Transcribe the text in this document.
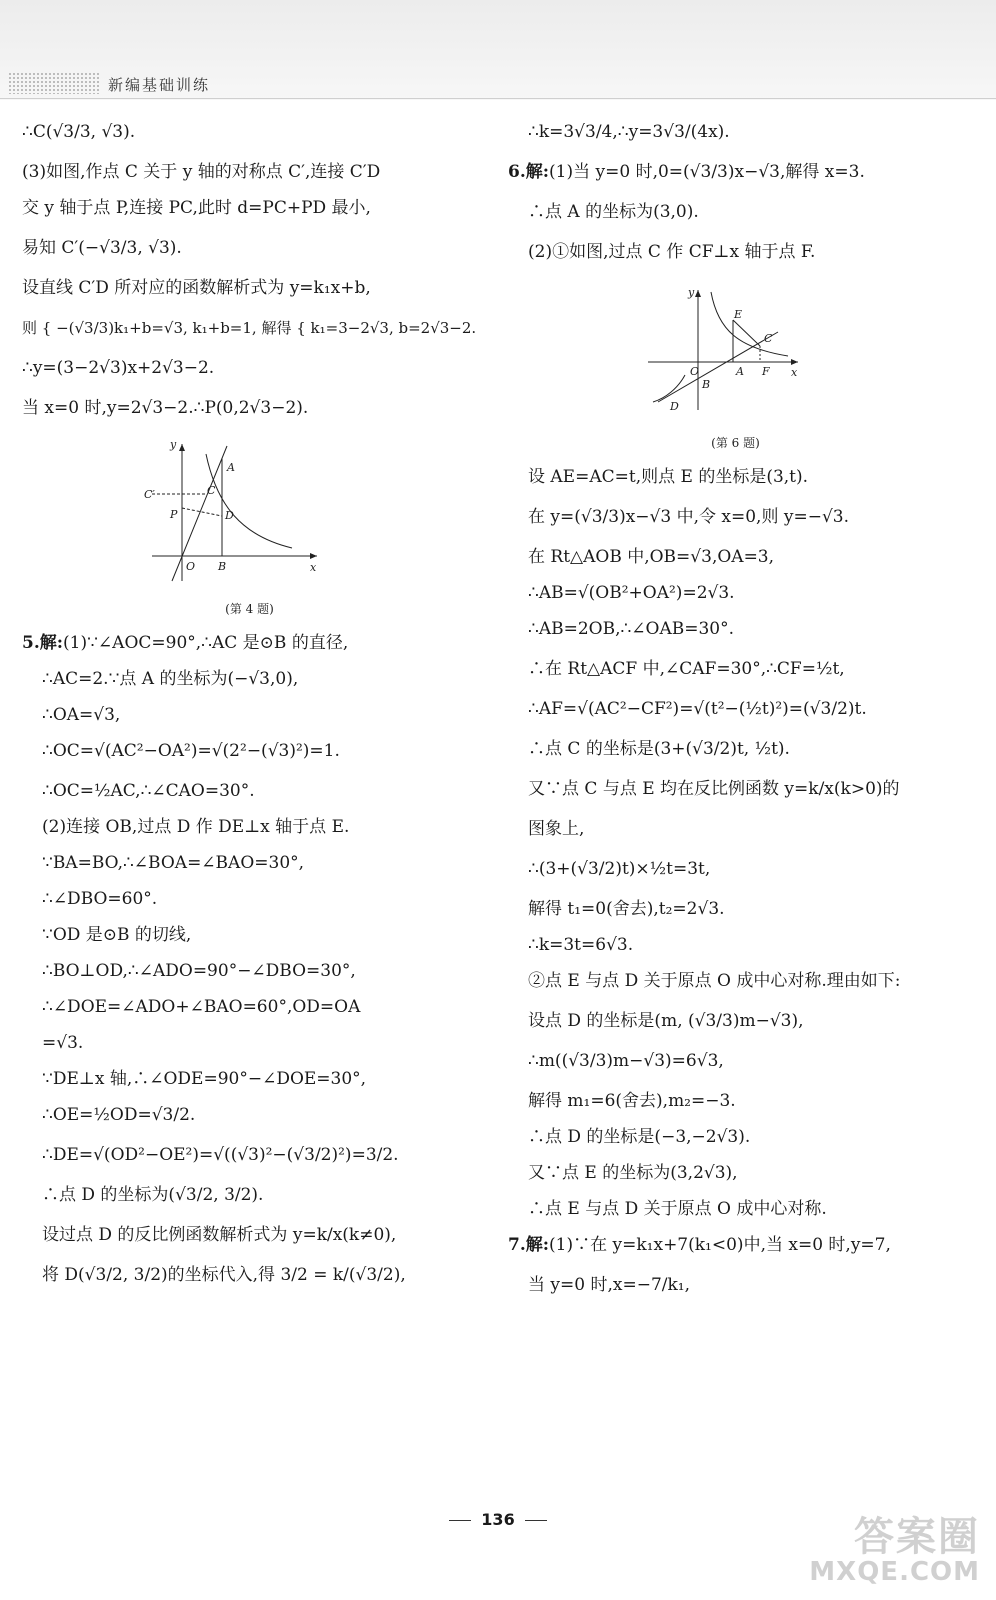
新编基础训练
∴C(√3/3, √3).
(3)如图,作点 C 关于 y 轴的对称点 C′,连接 C′D
交 y 轴于点 P,连接 PC,此时 d=PC+PD 最小,
易知 C′(−√3/3, √3).
设直线 C′D 所对应的函数解析式为 y=k₁x+b,
则 { −(√3/3)k₁+b=√3, k₁+b=1, 解得 { k₁=3−2√3, b=2√3−2.
∴y=(3−2√3)x+2√3−2.
当 x=0 时,y=2√3−2.∴P(0,2√3−2).
y
x
A
C
C′
P	D
O B
(第 4 题)
5.解:(1)∵∠AOC=90°,∴AC 是⊙B 的直径,
∴AC=2.∵点 A 的坐标为(−√3,0),
∴OA=√3,
∴OC=√(AC²−OA²)=√(2²−(√3)²)=1.
∴OC=½AC,∴∠CAO=30°.
(2)连接 OB,过点 D 作 DE⊥x 轴于点 E.
∵BA=BO,∴∠BOA=∠BAO=30°,
∴∠DBO=60°.
∵OD 是⊙B 的切线,
∴BO⊥OD,∴∠ADO=90°−∠DBO=30°,
∴∠DOE=∠ADO+∠BAO=60°,OD=OA
=√3.
∵DE⊥x 轴,∴∠ODE=90°−∠DOE=30°,
∴OE=½OD=√3/2.
∴DE=√(OD²−OE²)=√((√3)²−(√3/2)²)=3/2.
∴点 D 的坐标为(√3/2, 3/2).
设过点 D 的反比例函数解析式为 y=k/x(k≠0),
将 D(√3/2, 3/2)的坐标代入,得 3/2 = k/(√3/2),
∴k=3√3/4,∴y=3√3/(4x).
6.解:(1)当 y=0 时,0=(√3/3)x−√3,解得 x=3.
∴点 A 的坐标为(3,0).
(2)①如图,过点 C 作 CF⊥x 轴于点 F.
y
x
E
C
O	A F
B
D
(第 6 题)
设 AE=AC=t,则点 E 的坐标是(3,t).
在 y=(√3/3)x−√3 中,令 x=0,则 y=−√3.
在 Rt△AOB 中,OB=√3,OA=3,
∴AB=√(OB²+OA²)=2√3.
∴AB=2OB,∴∠OAB=30°.
∴在 Rt△ACF 中,∠CAF=30°,∴CF=½t,
∴AF=√(AC²−CF²)=√(t²−(½t)²)=(√3/2)t.
∴点 C 的坐标是(3+(√3/2)t, ½t).
又∵点 C 与点 E 均在反比例函数 y=k/x(k>0)的
图象上,
∴(3+(√3/2)t)×½t=3t,
解得 t₁=0(舍去),t₂=2√3.
∴k=3t=6√3.
②点 E 与点 D 关于原点 O 成中心对称.理由如下:
设点 D 的坐标是(m, (√3/3)m−√3),
∴m((√3/3)m−√3)=6√3,
解得 m₁=6(舍去),m₂=−3.
∴点 D 的坐标是(−3,−2√3).
又∵点 E 的坐标为(3,2√3),
∴点 E 与点 D 关于原点 O 成中心对称.
7.解:(1)∵在 y=k₁x+7(k₁<0)中,当 x=0 时,y=7,
当 y=0 时,x=−7/k₁,
136	答案圈
MXQE.COM
